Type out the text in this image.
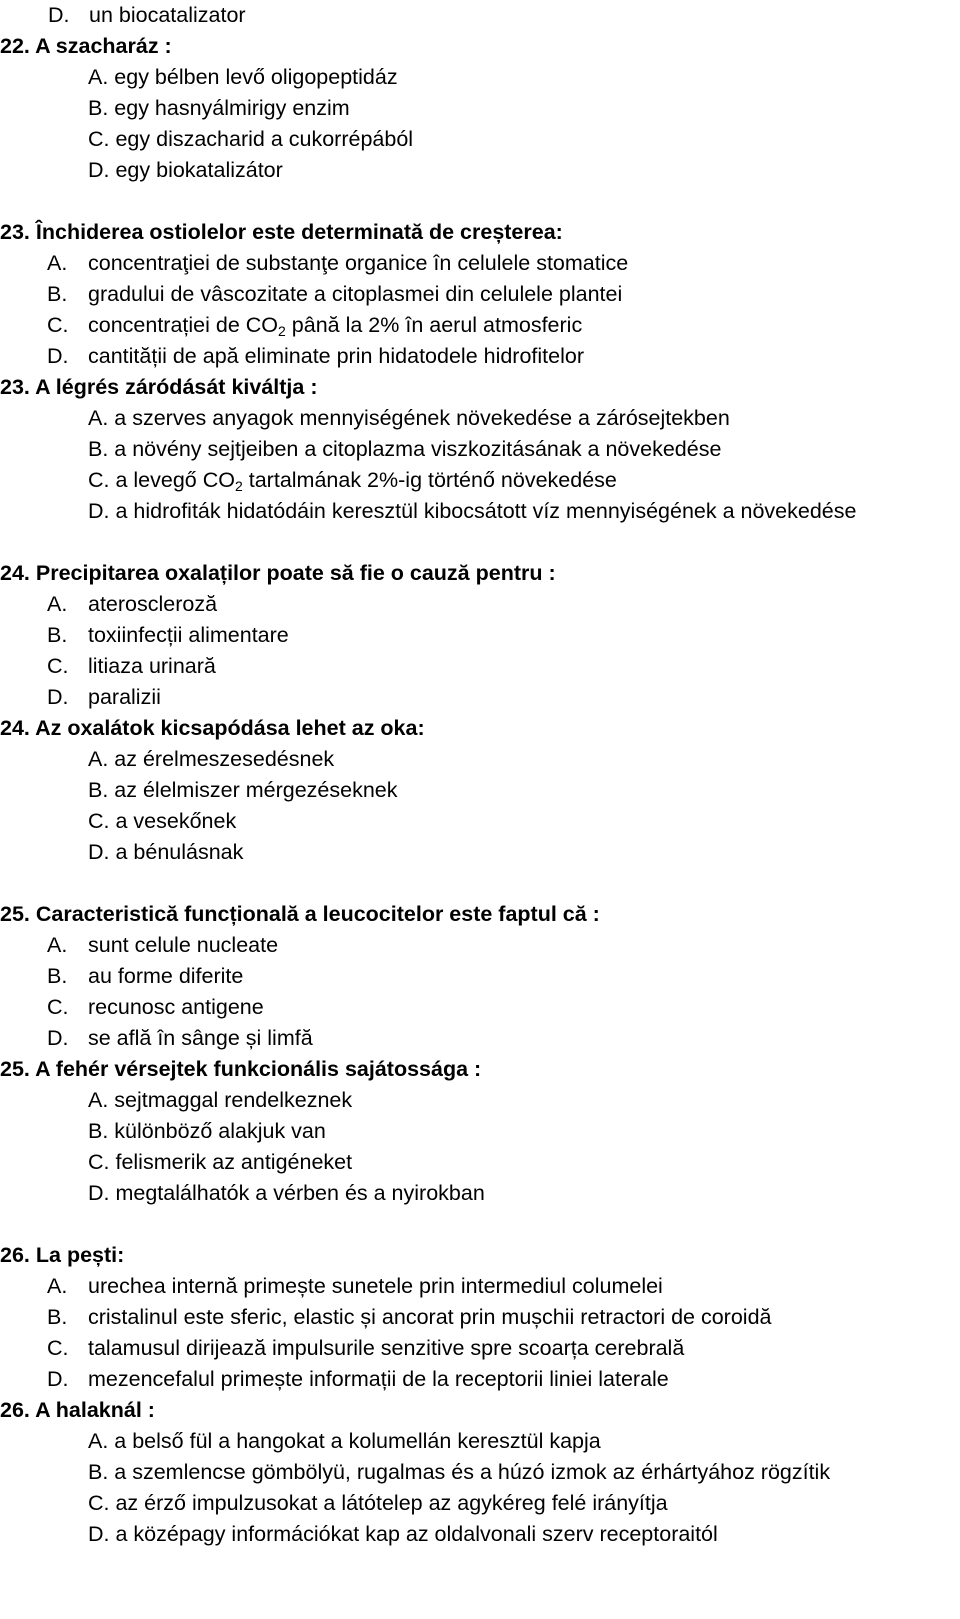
D. un biocatalizator
22. A szacharáz :
A. egy bélben levő oligopeptidáz
B. egy hasnyálmirigy enzim
C. egy diszacharid a cukorrépából
D. egy biokatalizátor
23. Închiderea ostiolelor este determinată de creșterea:
A. concentraţiei de substanţe organice în celulele stomatice
B. gradului de vâscozitate a citoplasmei din celulele plantei
C. concentrației de $CO_2$ până la 2% în aerul atmosferic
D. cantității de apă eliminate prin hidatodele hidrofitelor
23. A légrés záródását kiváltja :
A. a szerves anyagok mennyiségének növekedése a zárósejtekben
B. a növény sejtjeiben a citoplazma viszkozitásának a növekedése
C. a levegő $CO_2$ tartalmának 2%-ig történő növekedése
D. a hidrofiták hidatódáin keresztül kibocsátott víz mennyiségének a növekedése
24. Precipitarea oxalaților poate să fie o cauză pentru :
A. ateroscleroză
B. toxiinfecții alimentare
C. litiaza urinară
D. paralizii
24. Az oxalátok kicsapódása lehet az oka:
A. az érelmeszesedésnek
B. az élelmiszer mérgezéseknek
C. a vesekőnek
D. a bénulásnak
25. Caracteristică funcțională a leucocitelor este faptul că :
A. sunt celule nucleate
B. au forme diferite
C. recunosc antigene
D. se află în sânge și limfă
25. A fehér vérsejtek funkcionális sajátossága :
A. sejtmaggal rendelkeznek
B. különböző alakjuk van
C. felismerik az antigéneket
D. megtalálhatók a vérben és a nyirokban
26. La pești:
A. urechea internă primește sunetele prin intermediul columelei
B. cristalinul este sferic, elastic și ancorat prin mușchii retractori de coroidă
C. talamusul dirijează impulsurile senzitive spre scoarța cerebrală
D. mezencefalul primește informații de la receptorii liniei laterale
26. A halaknál :
A. a belső fül a hangokat a kolumellán keresztül kapja
B. a szemlencse gömbölyü, rugalmas és a húzó izmok az érhártyához rögzítik
C. az érző impulzusokat a látótelep az agykéreg felé irányítja
D. a középagy információkat kap az oldalvonali szerv receptoraitól
